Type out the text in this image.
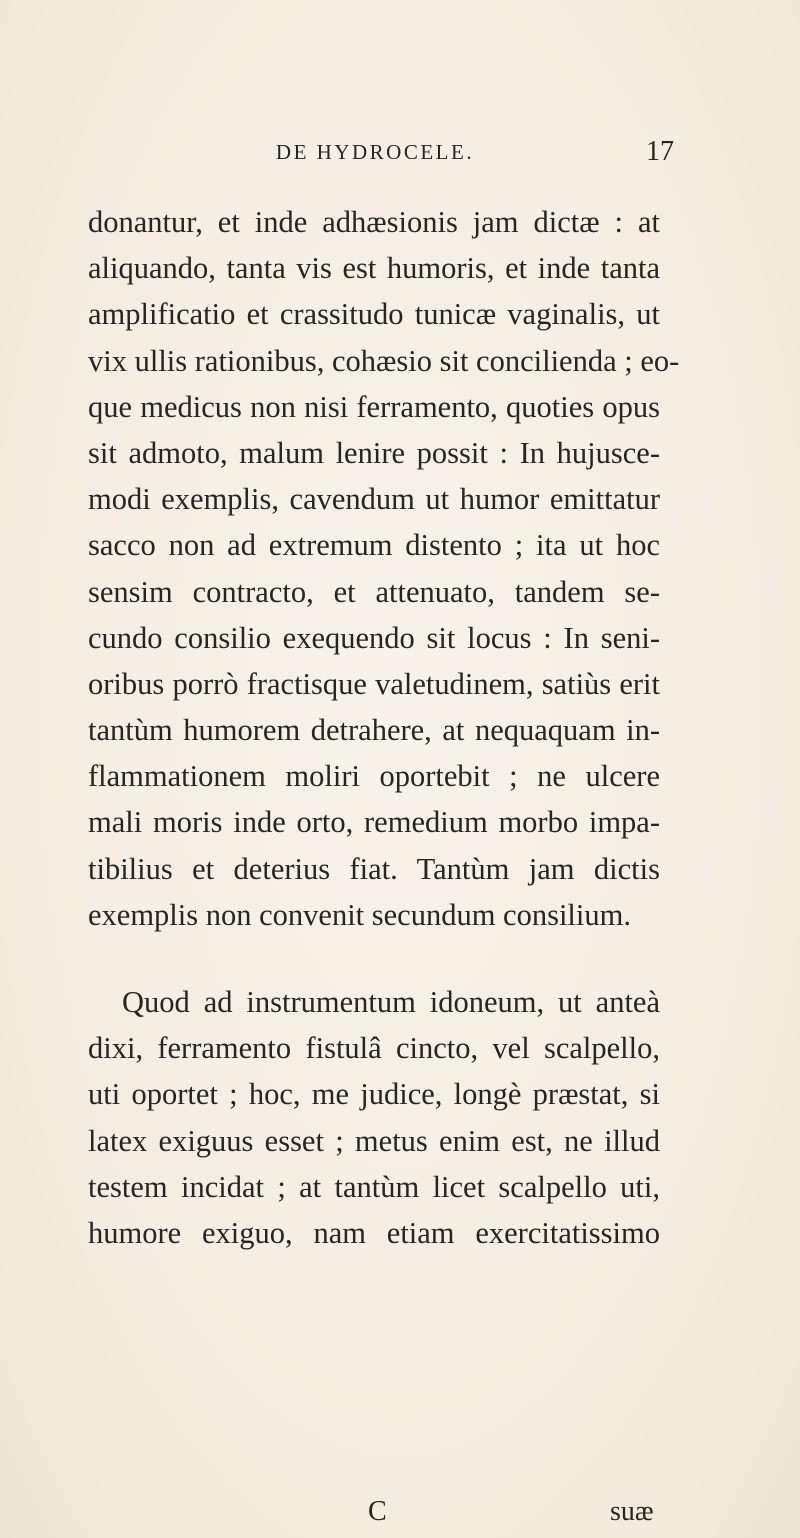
DE HYDROCELE.	17
donantur, et inde adhæsionis jam dictæ : at
aliquando, tanta vis est humoris, et inde tanta
amplificatio et crassitudo tunicæ vaginalis, ut
vix ullis rationibus, cohæsio sit concilienda ; eo-
que medicus non nisi ferramento, quoties opus
sit admoto, malum lenire possit : In hujusce-
modi exemplis, cavendum ut humor emittatur
sacco non ad extremum distento ; ita ut hoc
sensim contracto, et attenuato, tandem se-
cundo consilio exequendo sit locus : In seni-
oribus porrò fractisque valetudinem, satiùs erit
tantùm humorem detrahere, at nequaquam in-
flammationem moliri oportebit ; ne ulcere
mali moris inde orto, remedium morbo impa-
tibilius et deterius fiat. Tantùm jam dictis
exemplis non convenit secundum consilium.
Quod ad instrumentum idoneum, ut anteà
dixi, ferramento fistulâ cincto, vel scalpello,
uti oportet ; hoc, me judice, longè præstat, si
latex exiguus esset ; metus enim est, ne illud
testem incidat ; at tantùm licet scalpello uti,
humore exiguo, nam etiam exercitatissimo
C	suæ
